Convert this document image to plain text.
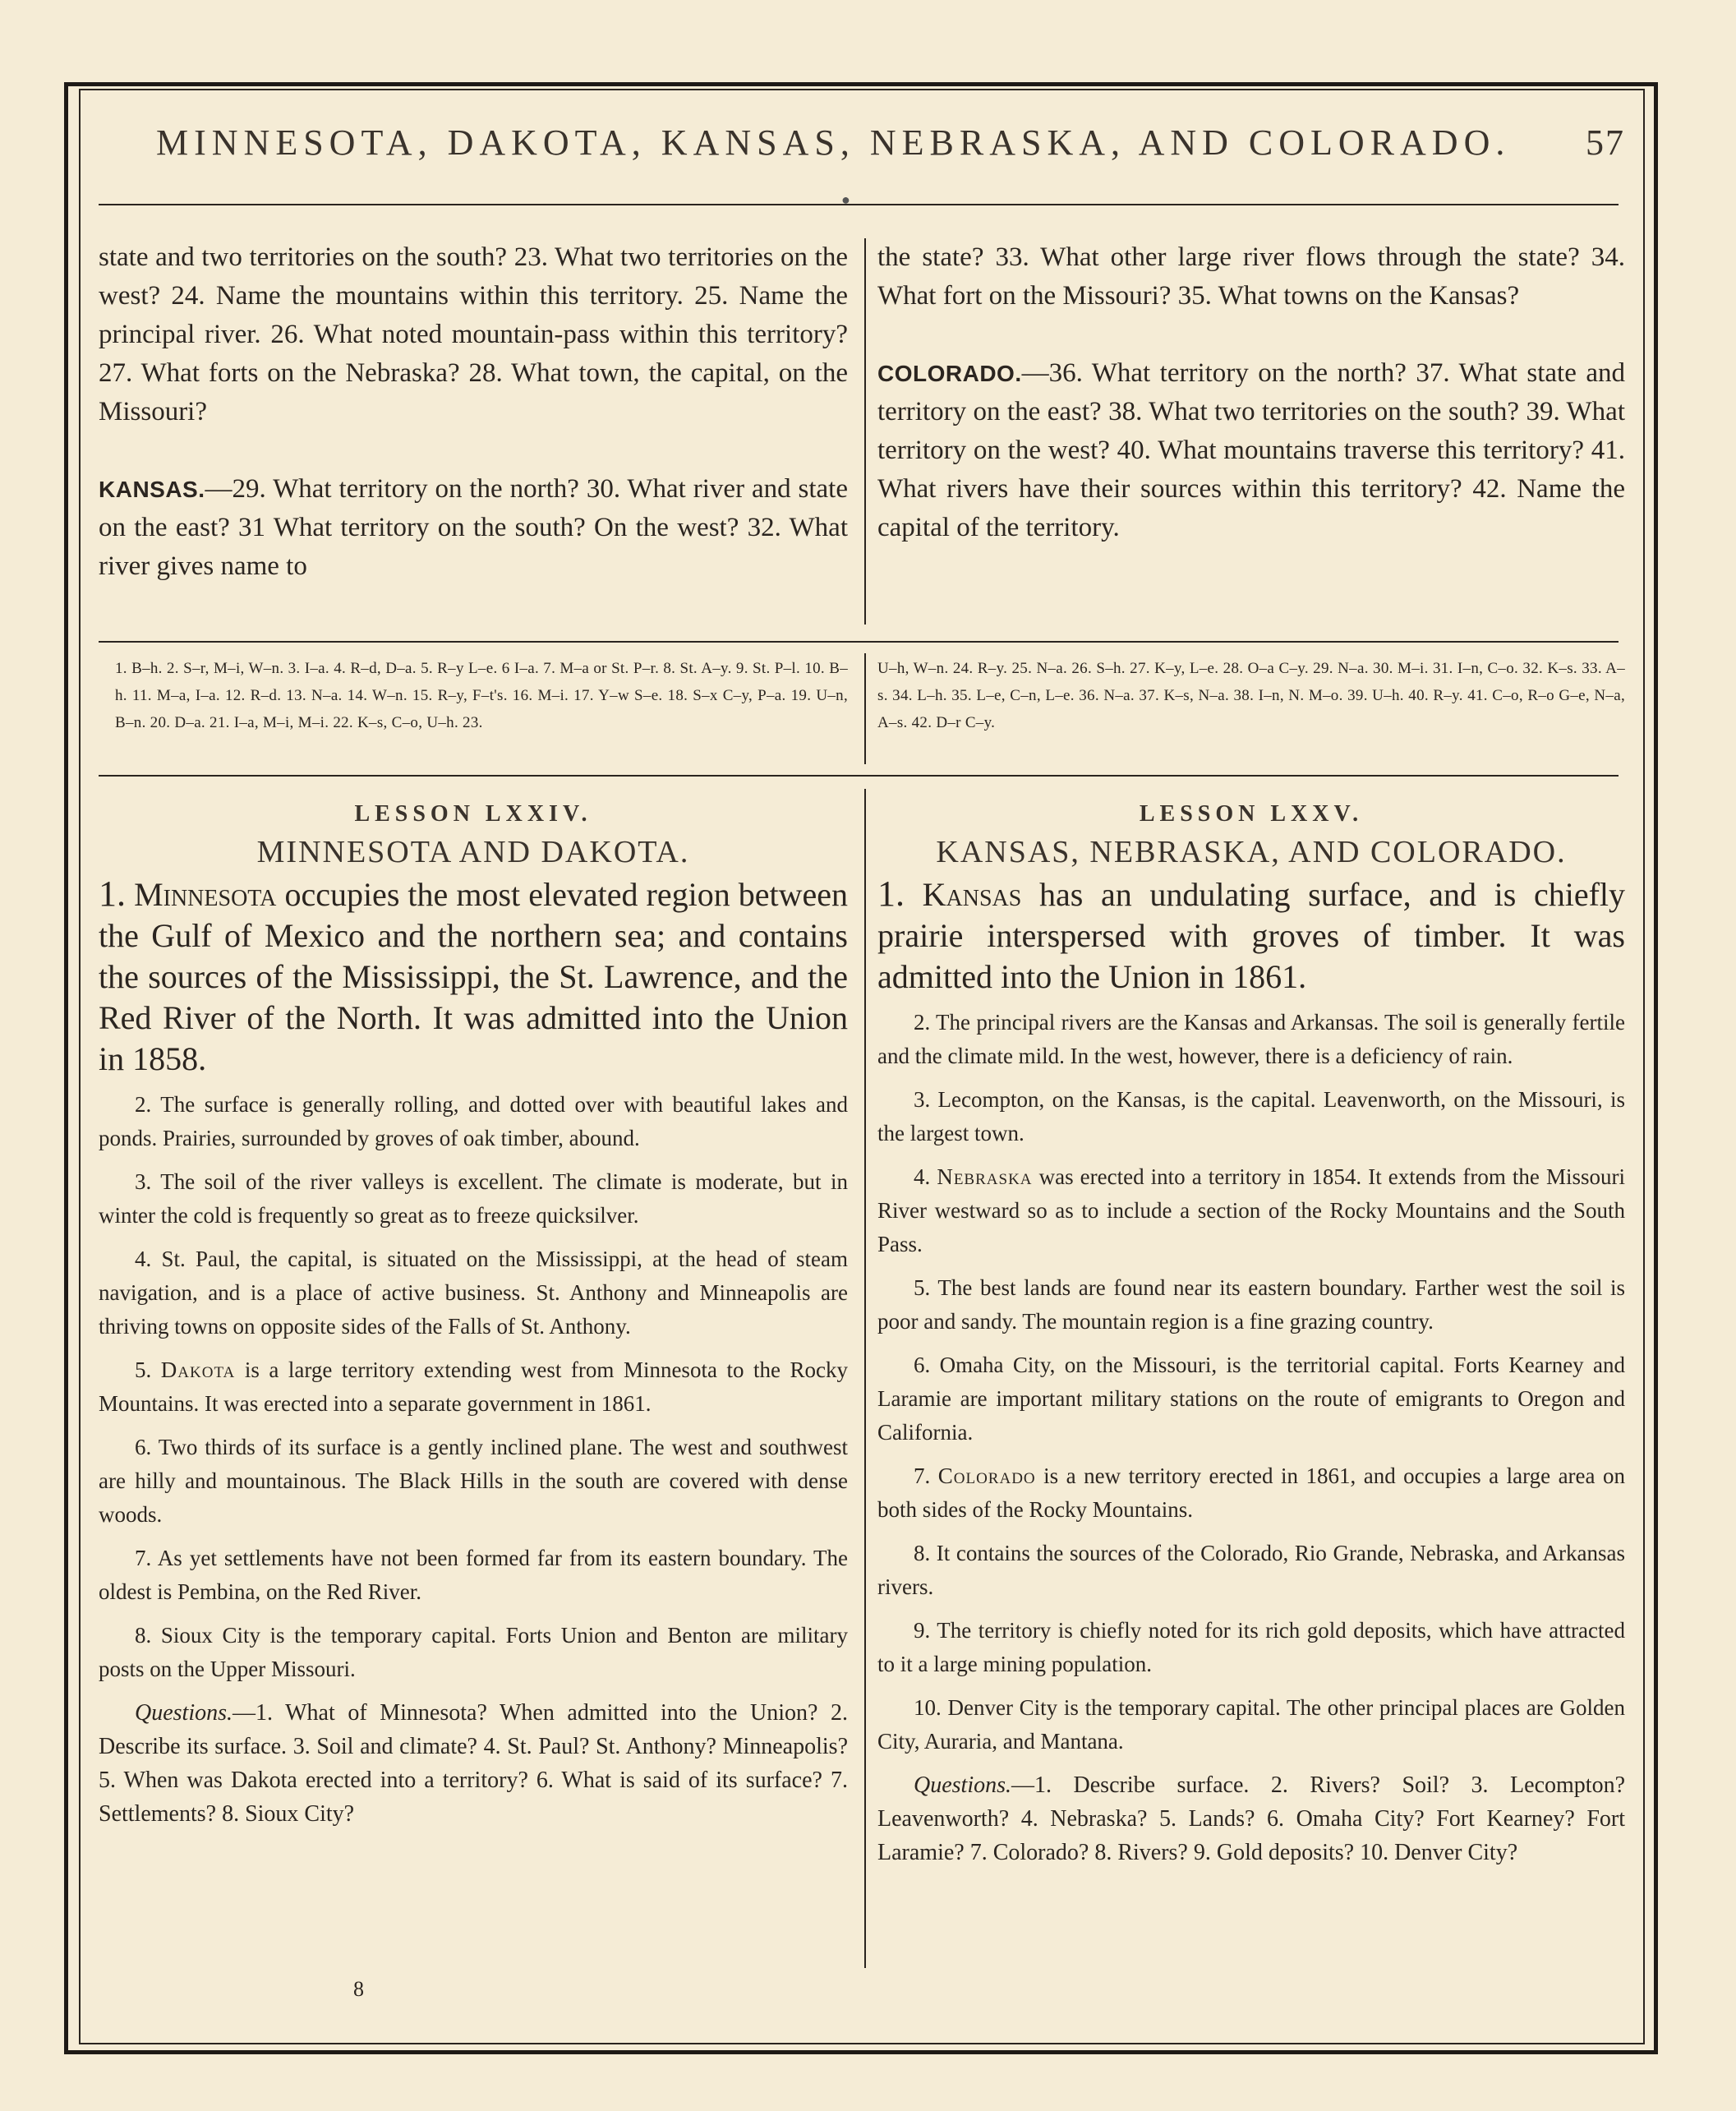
MINNESOTA, DAKOTA, KANSAS, NEBRASKA, AND COLORADO. 57
●

state and two territories on the south? 23. What two territories on the west? 24. Name the mountains within this territory. 25. Name the principal river. 26. What noted mountain-pass within this territory? 27. What forts on the Nebraska? 28. What town, the capital, on the Missouri?

KANSAS.—29. What territory on the north? 30. What river and state on the east? 31 What territory on the south? On the west? 32. What river gives name to

the state? 33. What other large river flows through the state? 34. What fort on the Missouri? 35. What towns on the Kansas?

COLORADO.—36. What territory on the north? 37. What state and territory on the east? 38. What two territories on the south? 39. What territory on the west? 40. What mountains traverse this territory? 41. What rivers have their sources within this territory? 42. Name the capital of the territory.

1. B–h. 2. S–r, M–i, W–n. 3. I–a. 4. R–d, D–a. 5. R–y L–e. 6 I–a. 7. M–a or St. P–r. 8. St. A–y. 9. St. P–l. 10. B–h. 11. M–a, I–a. 12. R–d. 13. N–a. 14. W–n. 15. R–y, F–t's. 16. M–i. 17. Y–w S–e. 18. S–x C–y, P–a. 19. U–n, B–n. 20. D–a. 21. I–a, M–i, M–i. 22. K–s, C–o, U–h. 23.
U–h, W–n. 24. R–y. 25. N–a. 26. S–h. 27. K–y, L–e. 28. O–a C–y. 29. N–a. 30. M–i. 31. I–n, C–o. 32. K–s. 33. A–s. 34. L–h. 35. L–e, C–n, L–e. 36. N–a. 37. K–s, N–a. 38. I–n, N. M–o. 39. U–h. 40. R–y. 41. C–o, R–o G–e, N–a, A–s. 42. D–r C–y.

LESSON LXXIV.

MINNESOTA AND DAKOTA.

1. Minnesota occupies the most elevated region between the Gulf of Mexico and the northern sea; and contains the sources of the Mississippi, the St. Lawrence, and the Red River of the North. It was admitted into the Union in 1858.

2. The surface is generally rolling, and dotted over with beautiful lakes and ponds. Prairies, surrounded by groves of oak timber, abound.

3. The soil of the river valleys is excellent. The climate is moderate, but in winter the cold is frequently so great as to freeze quicksilver.

4. St. Paul, the capital, is situated on the Mississippi, at the head of steam navigation, and is a place of active business. St. Anthony and Minneapolis are thriving towns on opposite sides of the Falls of St. Anthony.

5. Dakota is a large territory extending west from Minnesota to the Rocky Mountains. It was erected into a separate government in 1861.

6. Two thirds of its surface is a gently inclined plane. The west and southwest are hilly and mountainous. The Black Hills in the south are covered with dense woods.

7. As yet settlements have not been formed far from its eastern boundary. The oldest is Pembina, on the Red River.

8. Sioux City is the temporary capital. Forts Union and Benton are military posts on the Upper Missouri.

Questions.—1. What of Minnesota? When admitted into the Union? 2. Describe its surface. 3. Soil and climate? 4. St. Paul? St. Anthony? Minneapolis? 5. When was Dakota erected into a territory? 6. What is said of its surface? 7. Settlements? 8. Sioux City?

8

LESSON LXXV.

KANSAS, NEBRASKA, AND COLORADO.

1. Kansas has an undulating surface, and is chiefly prairie interspersed with groves of timber. It was admitted into the Union in 1861.

2. The principal rivers are the Kansas and Arkansas. The soil is generally fertile and the climate mild. In the west, however, there is a deficiency of rain.

3. Lecompton, on the Kansas, is the capital. Leavenworth, on the Missouri, is the largest town.

4. Nebraska was erected into a territory in 1854. It extends from the Missouri River westward so as to include a section of the Rocky Mountains and the South Pass.

5. The best lands are found near its eastern boundary. Farther west the soil is poor and sandy. The mountain region is a fine grazing country.

6. Omaha City, on the Missouri, is the territorial capital. Forts Kearney and Laramie are important military stations on the route of emigrants to Oregon and California.

7. Colorado is a new territory erected in 1861, and occupies a large area on both sides of the Rocky Mountains.

8. It contains the sources of the Colorado, Rio Grande, Nebraska, and Arkansas rivers.

9. The territory is chiefly noted for its rich gold deposits, which have attracted to it a large mining population.

10. Denver City is the temporary capital. The other principal places are Golden City, Auraria, and Mantana.

Questions.—1. Describe surface. 2. Rivers? Soil? 3. Lecompton? Leavenworth? 4. Nebraska? 5. Lands? 6. Omaha City? Fort Kearney? Fort Laramie? 7. Colorado? 8. Rivers? 9. Gold deposits? 10. Denver City?
